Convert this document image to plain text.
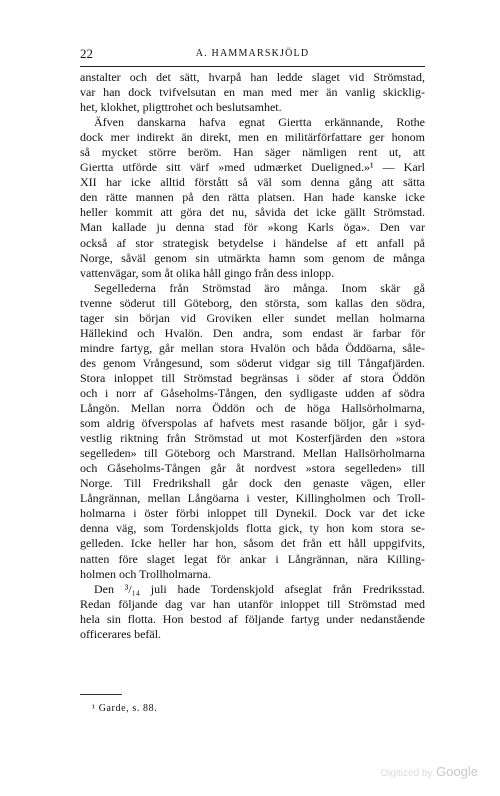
22	A. HAMMARSKJÖLD
anstalter och det sätt, hvarpå han ledde slaget vid Strömstad,
var han dock tvifvelsutan en man med mer än vanlig skicklig-
het, klokhet, pligttrohet och beslutsamhet.
Äfven danskarna hafva egnat Giertta erkännande, Rothe
dock mer indirekt än direkt, men en militärförfattare ger honom
så mycket större beröm. Han säger nämligen rent ut, att
Giertta utförde sitt värf »med udmærket Dueligned.»¹ — Karl
XII har icke alltid förstått så väl som denna gång att sätta
den rätte mannen på den rätta platsen. Han hade kanske icke
heller kommit att göra det nu, såvida det icke gällt Strömstad.
Man kallade ju denna stad för »kong Karls öga». Den var
också af stor strategisk betydelse i händelse af ett anfall på
Norge, såväl genom sin utmärkta hamn som genom de många
vattenvägar, som åt olika håll gingo från dess inlopp.
Segellederna från Strömstad äro många. Inom skär gå
tvenne söderut till Göteborg, den största, som kallas den södra,
tager sin början vid Groviken eller sundet mellan holmarna
Hällekind och Hvalön. Den andra, som endast är farbar för
mindre fartyg, går mellan stora Hvalön och båda Öddöarna, såle-
des genom Vrångesund, som söderut vidgar sig till Tångafjärden.
Stora inloppet till Strömstad begränsas i söder af stora Öddön
och i norr af Gåseholms-Tången, den sydligaste udden af södra
Långön. Mellan norra Öddön och de höga Hallsörholmarna,
som aldrig öfverspolas af hafvets mest rasande böljor, går i syd-
vestlig riktning från Strömstad ut mot Kosterfjärden den »stora
segelleden» till Göteborg och Marstrand. Mellan Hallsörholmarna
och Gåseholms-Tången går åt nordvest »stora segelleden» till
Norge. Till Fredrikshall går dock den genaste vägen, eller
Långrännan, mellan Långöarna i vester, Killingholmen och Troll-
holmarna i öster förbi inloppet till Dynekil. Dock var det icke
denna väg, som Tordenskjolds flotta gick, ty hon kom stora se-
gelleden. Icke heller har hon, såsom det från ett håll uppgifvits,
natten före slaget legat för ankar i Långrännan, nära Killing-
holmen och Trollholmarna.
Den ³/₁₄ juli hade Tordenskjold afseglat från Fredriksstad.
Redan följande dag var han utanför inloppet till Strömstad med
hela sin flotta. Hon bestod af följande fartyg under nedanstående
officerares befäl.
¹ Garde, s. 88.
Digitized by Google
